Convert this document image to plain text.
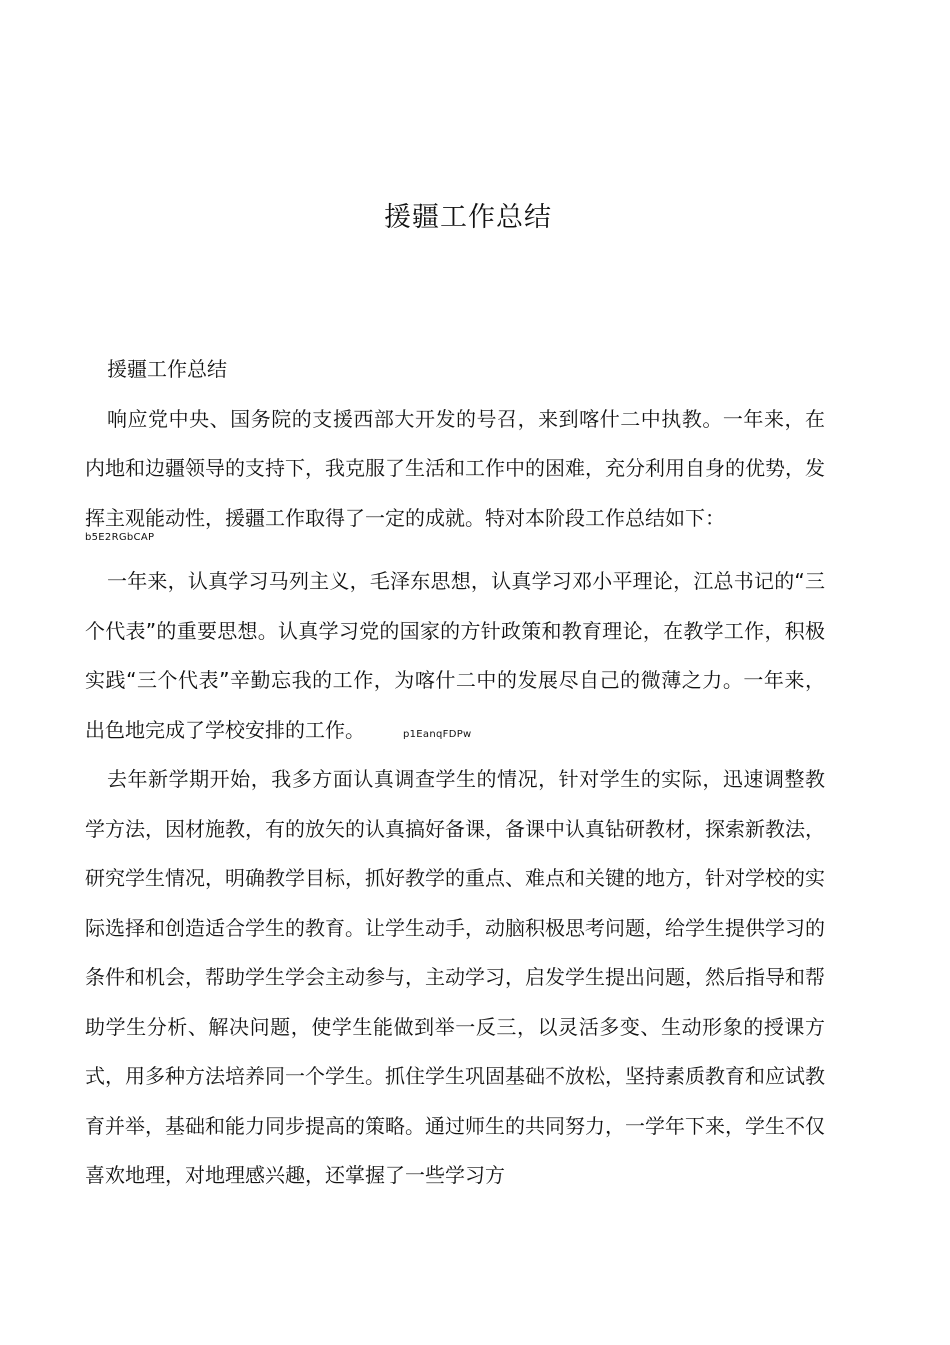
援疆工作总结

援疆工作总结

响应党中央、国务院的支援西部大开发的号召，来到喀什二中执教。一年来，在内地和边疆领导的支持下，我克服了生活和工作中的困难，充分利用自身的优势，发挥主观能动性，援疆工作取得了一定的成就。特对本阶段工作总结如下：

b5E2RGbCAP

一年来，认真学习马列主义，毛泽东思想，认真学习邓小平理论，江总书记的“三个代表”的重要思想。认真学习党的国家的方针政策和教育理论，在教学工作，积极实践“三个代表”辛勤忘我的工作，为喀什二中的发展尽自己的微薄之力。一年来，出色地完成了学校安排的工作。	p1EanqFDPw

去年新学期开始，我多方面认真调查学生的情况，针对学生的实际，迅速调整教学方法，因材施教，有的放矢的认真搞好备课，备课中认真钻研教材，探索新教法，研究学生情况，明确教学目标，抓好教学的重点、难点和关键的地方，针对学校的实际选择和创造适合学生的教育。让学生动手，动脑积极思考问题，给学生提供学习的条件和机会，帮助学生学会主动参与，主动学习，启发学生提出问题，然后指导和帮助学生分析、解决问题，使学生能做到举一反三，以灵活多变、生动形象的授课方式，用多种方法培养同一个学生。抓住学生巩固基础不放松，坚持素质教育和应试教育并举，基础和能力同步提高的策略。通过师生的共同努力，一学年下来，学生不仅喜欢地理，对地理感兴趣，还掌握了一些学习方
